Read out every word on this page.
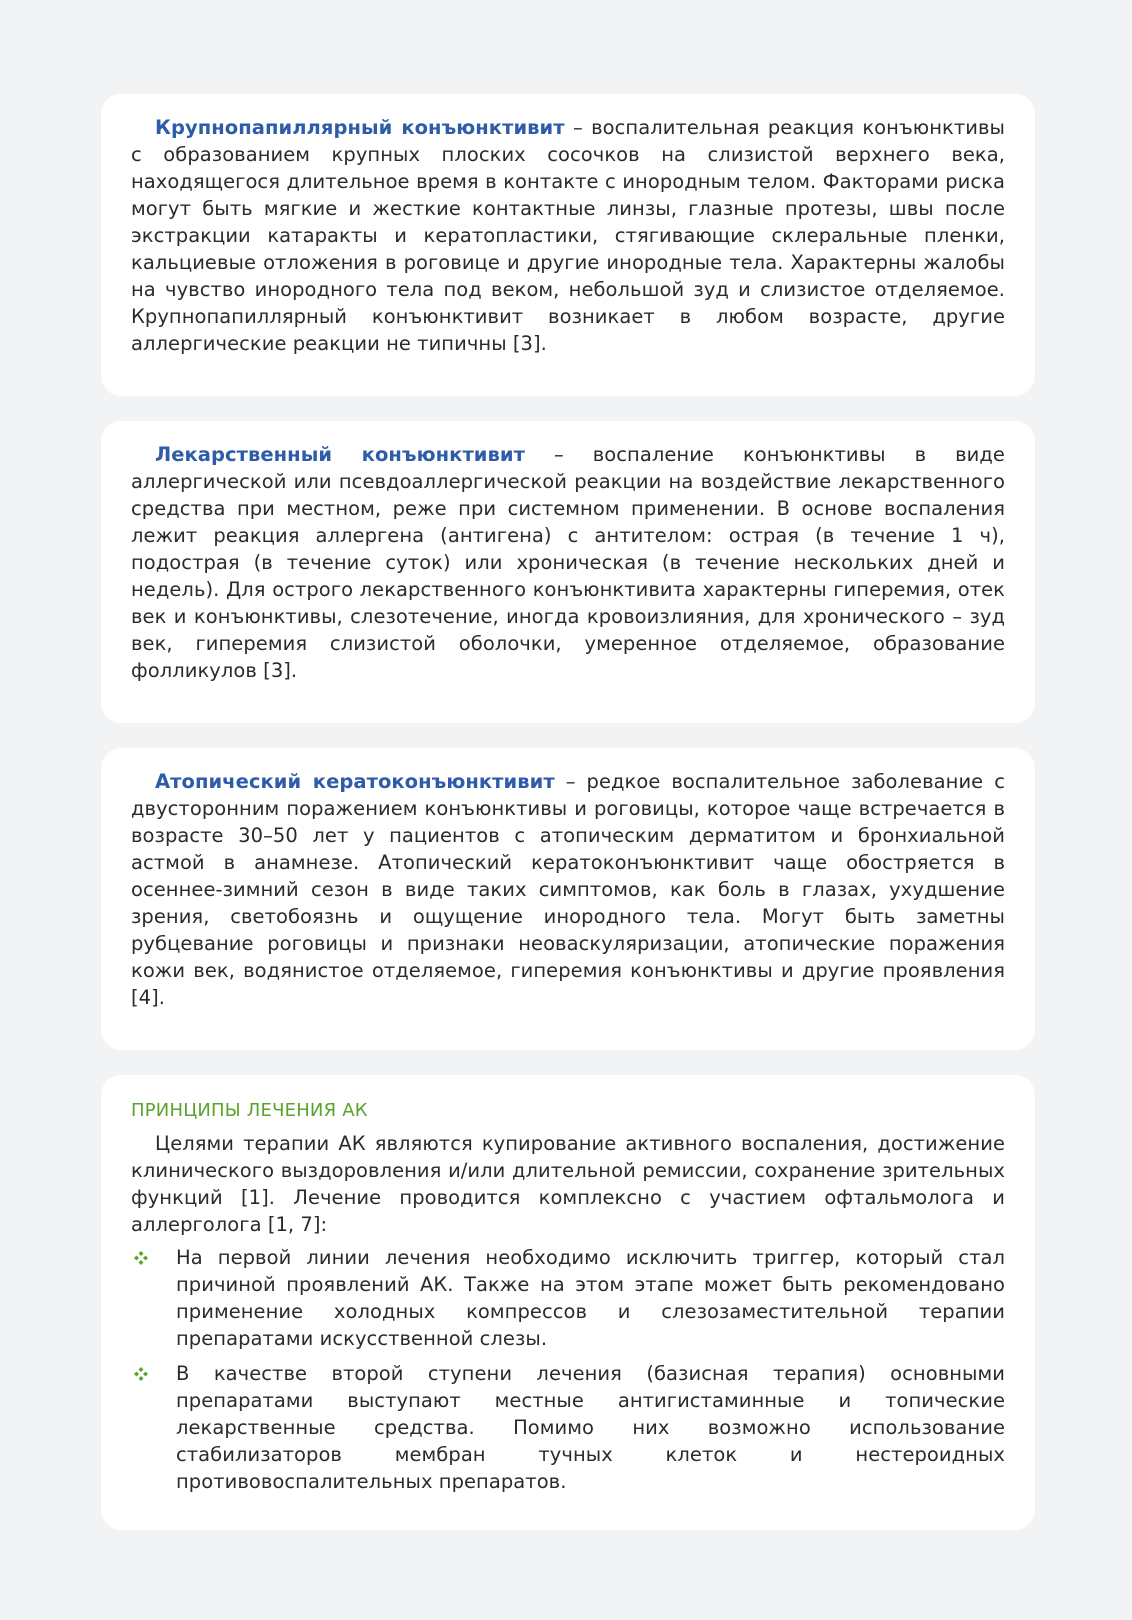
Крупнопапиллярный конъюнктивит – воспалительная реакция конъюнктивы с образованием крупных плоских сосочков на слизистой верхнего века, находящегося длительное время в контакте с инородным телом. Факторами риска могут быть мягкие и жесткие контактные линзы, глазные протезы, швы после экстракции катаракты и кератопластики, стягивающие склеральные пленки, кальциевые отложения в роговице и другие инородные тела. Характерны жалобы на чувство инородного тела под веком, небольшой зуд и слизистое отделяемое. Крупнопапиллярный конъюнктивит возникает в любом возрасте, другие аллергические реакции не типичны [3].

Лекарственный конъюнктивит – воспаление конъюнктивы в виде аллергической или псевдоаллергической реакции на воздействие лекарственного средства при местном, реже при системном применении. В основе воспаления лежит реакция аллергена (антигена) с антителом: острая (в течение 1 ч), подострая (в течение суток) или хроническая (в течение нескольких дней и недель). Для острого лекарственного конъюнктивита характерны гиперемия, отек век и конъюнктивы, слезотечение, иногда кровоизлияния, для хронического – зуд век, гиперемия слизистой оболочки, умеренное отделяемое, образование фолликулов [3].

Атопический кератоконъюнктивит – редкое воспалительное заболевание с двусторонним поражением конъюнктивы и роговицы, которое чаще встречается в возрасте 30–50 лет у пациентов с атопическим дерматитом и бронхиальной астмой в анамнезе. Атопический кератоконъюнктивит чаще обостряется в осеннее-зимний сезон в виде таких симптомов, как боль в глазах, ухудшение зрения, светобоязнь и ощущение инородного тела. Могут быть заметны рубцевание роговицы и признаки неоваскуляризации, атопические поражения кожи век, водянистое отделяемое, гиперемия конъюнктивы и другие проявления [4].

ПРИНЦИПЫ ЛЕЧЕНИЯ АК

Целями терапии АК являются купирование активного воспаления, достижение клинического выздоровления и/или длительной ремиссии, сохранение зрительных функций [1]. Лечение проводится комплексно с участием офтальмолога и аллерголога [1, 7]:

На первой линии лечения необходимо исключить триггер, который стал причиной проявлений АК. Также на этом этапе может быть рекомендовано применение холодных компрессов и слезозаместительной терапии препаратами искусственной слезы.

В качестве второй ступени лечения (базисная терапия) основными препаратами выступают местные антигистаминные и топические лекарственные средства. Помимо них возможно использование стабилизаторов мембран тучных клеток и нестероидных противовоспалительных препаратов.
